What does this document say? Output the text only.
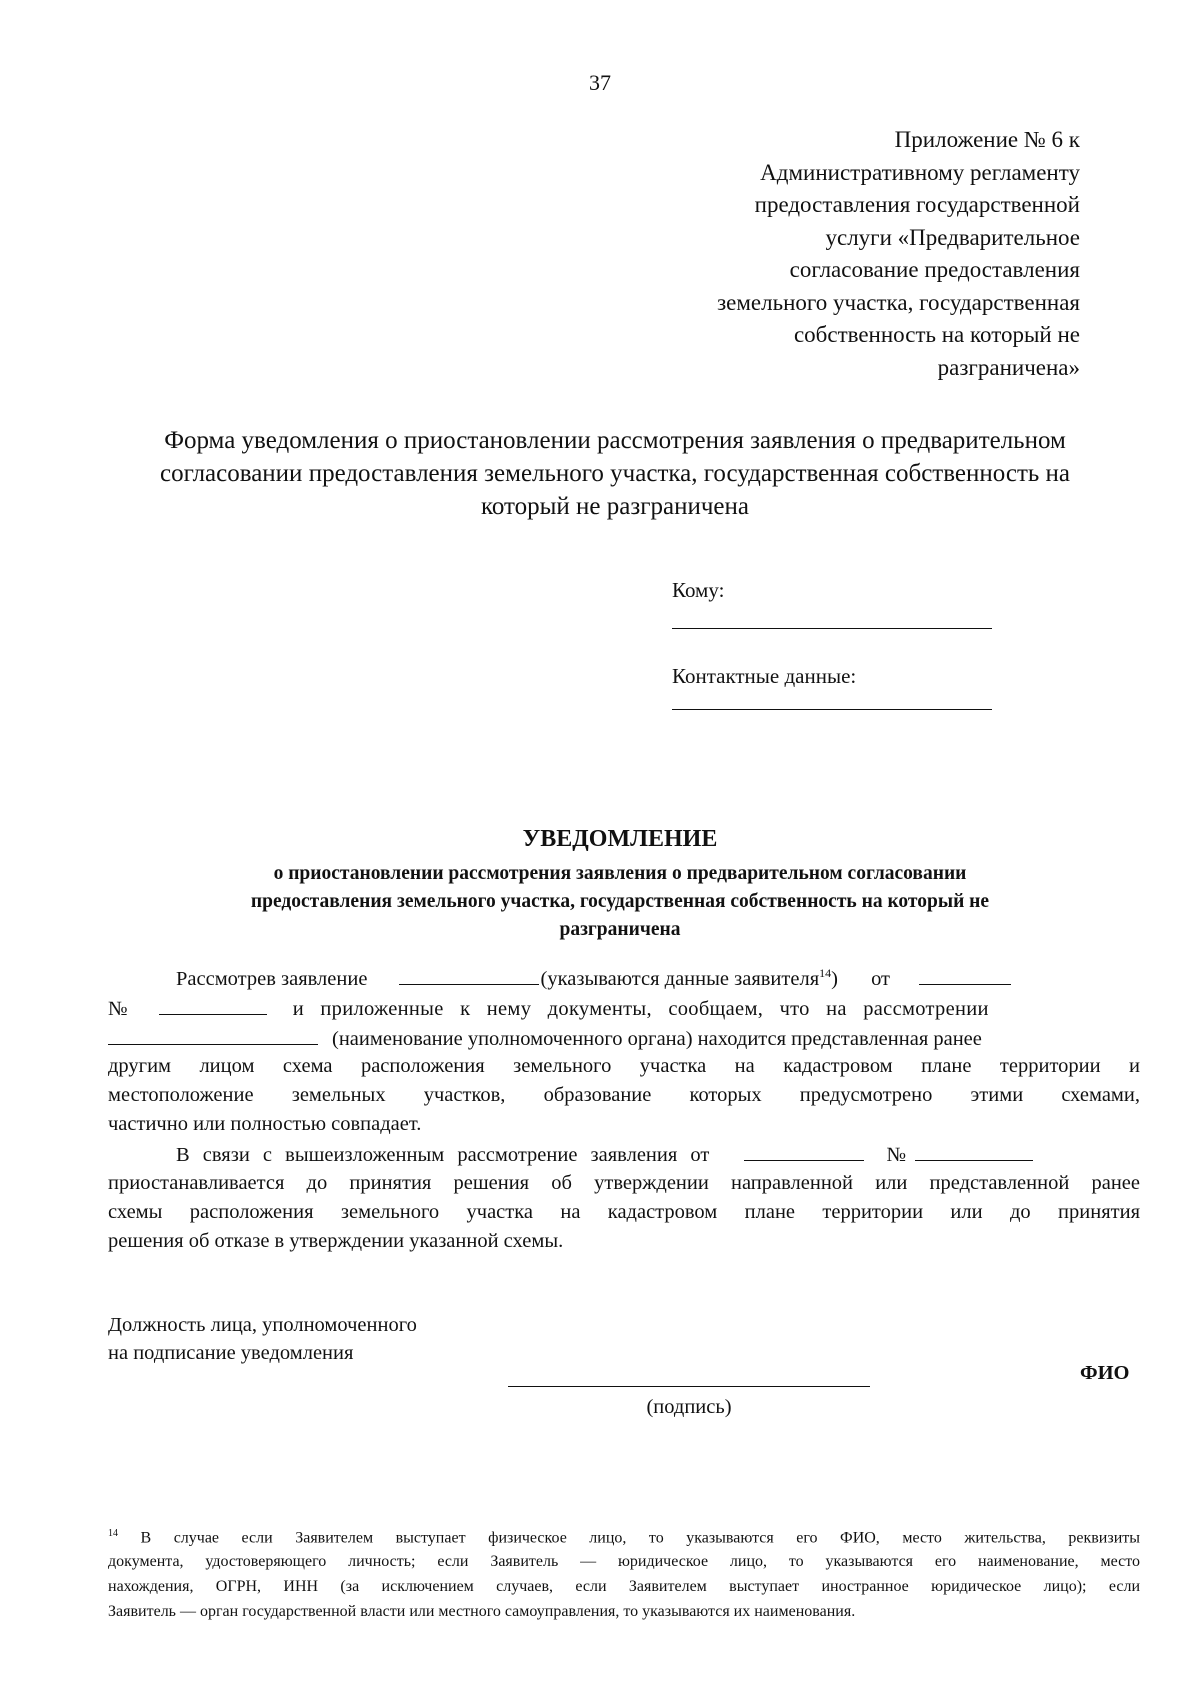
37
Приложение № 6 к
Административному регламенту
предоставления государственной
услуги «Предварительное
согласование предоставления
земельного участка, государственная
собственность на который не
разграничена»
Форма уведомления о приостановлении рассмотрения заявления о предварительном
согласовании предоставления земельного участка, государственная собственность на
который не разграничена
Кому:
Контактные данные:
УВЕДОМЛЕНИЕ
о приостановлении рассмотрения заявления о предварительном согласовании
предоставления земельного участка, государственная собственность на который не
разграничена
Рассмотрев заявление	(указываются данные заявителя$^{14}$) от
№	и приложенные к нему документы, сообщаем, что на рассмотрении
(наименование уполномоченного органа) находится представленная ранее
другим лицом схема расположения земельного участка на кадастровом плане территории и
местоположение земельных участков, образование которых предусмотрено этими схемами,
частично или полностью совпадает.
В связи с вышеизложенным рассмотрение заявления от	№
приостанавливается до принятия решения об утверждении направленной или представленной ранее
схемы расположения земельного участка на кадастровом плане территории или до принятия
решения об отказе в утверждении указанной схемы.
Должность лица, уполномоченного
на подписание уведомления
ФИО
(подпись)
$^{14}$ В случае если Заявителем выступает физическое лицо, то указываются его ФИО, место жительства, реквизиты
документа, удостоверяющего личность; если Заявитель — юридическое лицо, то указываются его наименование, место
нахождения, ОГРН, ИНН (за исключением случаев, если Заявителем выступает иностранное юридическое лицо); если
Заявитель — орган государственной власти или местного самоуправления, то указываются их наименования.
